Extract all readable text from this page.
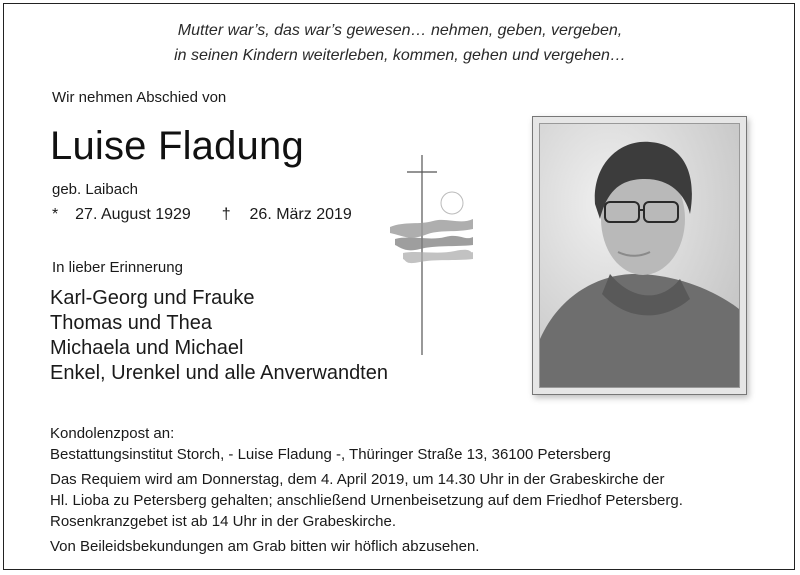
Mutter war’s, das war’s gewesen… nehmen, geben, vergeben,
in seinen Kindern weiterleben, kommen, gehen und vergehen…
Wir nehmen Abschied von
Luise Fladung
geb. Laibach
* 27. August 1929 † 26. März 2019
In lieber Erinnerung
Karl-Georg und Frauke
Thomas und Thea
Michaela und Michael
Enkel, Urenkel und alle Anverwandten

Kondolenzpost an:

Bestattungsinstitut Storch, - Luise Fladung -, Thüringer Straße 13, 36100 Petersberg

Das Requiem wird am Donnerstag, dem 4. April 2019, um 14.30 Uhr in der Grabeskirche der

Hl. Lioba zu Petersberg gehalten; anschließend Urnenbeisetzung auf dem Friedhof Petersberg.

Rosenkranzgebet ist ab 14 Uhr in der Grabeskirche.

Von Beileidsbekundungen am Grab bitten wir höflich abzusehen.
